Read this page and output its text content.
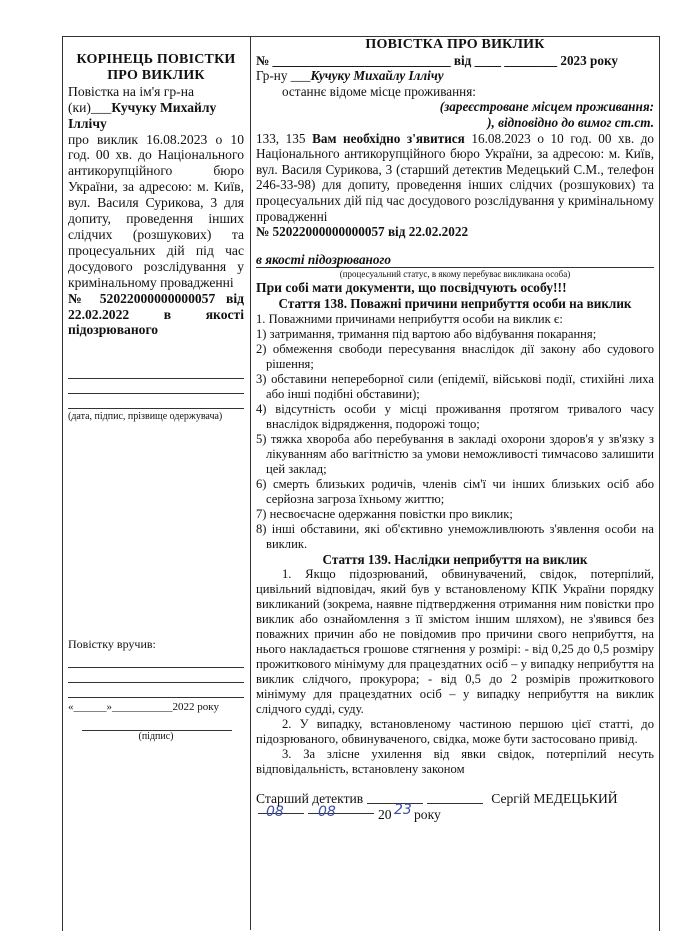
КОРІНЕЦЬ ПОВІСТКИ ПРО ВИКЛИК
Повістка на ім'я гр-на
(ки)___Кучуку Михайлу
Іллічу
про виклик 16.08.2023 о 10 год. 00 хв. до Національного антикорупційного бюро України, за адресою: м. Київ, вул. Василя Сурикова, 3 для допиту, проведення інших слідчих (розшукових) та процесуальних дій під час досудового розслідування у кримінальному провадженні
№ 52022000000000057 від 22.02.2022 в якості підозрюваного
(дата, підпис, прізвище одержувача)
Повістку вручив:
«______»___________2022 року
(підпис)
ПОВІСТКА ПРО ВИКЛИК
№ ___________________________ від ____ ________ 2023 року
Гр-ну ___Кучуку Михайлу Іллічу
останнє відоме місце проживання:
(зареєстроване місцем проживання:
), відповідно до вимог ст.ст.
133, 135 Вам необхідно з'явитися 16.08.2023 о 10 год. 00 хв. до Національного антикорупційного бюро України, за адресою: м. Київ, вул. Василя Сурикова, 3 (старший детектив Медецький С.М., телефон 246-33-98) для допиту, проведення інших слідчих (розшукових) та процесуальних дій під час досудового розслідування у кримінальному провадженні
№ 52022000000000057 від 22.02.2022
в якості підозрюваного
(процесуальний статус, в якому перебуває викликана особа)
При собі мати документи, що посвідчують особу!!!
Стаття 138. Поважні причини неприбуття особи на виклик
1. Поважними причинами неприбуття особи на виклик є:
1) затримання, тримання під вартою або відбування покарання;
2) обмеження свободи пересування внаслідок дії закону або судового рішення;
3) обставини непереборної сили (епідемії, військові події, стихійні лиха або інші подібні обставини);
4) відсутність особи у місці проживання протягом тривалого часу внаслідок відрядження, подорожі тощо;
5) тяжка хвороба або перебування в закладі охорони здоров'я у зв'язку з лікуванням або вагітністю за умови неможливості тимчасово залишити цей заклад;
6) смерть близьких родичів, членів сім'ї чи інших близьких осіб або серйозна загроза їхньому життю;
7) несвоєчасне одержання повістки про виклик;
8) інші обставини, які об'єктивно унеможливлюють з'явлення особи на виклик.
Стаття 139. Наслідки неприбуття на виклик
1. Якщо підозрюваний, обвинувачений, свідок, потерпілий, цивільний відповідач, який був у встановленому КПК України порядку викликаний (зокрема, наявне підтвердження отримання ним повістки про виклик або ознайомлення з її змістом іншим шляхом), не з'явився без поважних причин або не повідомив про причини свого неприбуття, на нього накладається грошове стягнення у розмірі: - від 0,25 до 0,5 розміру прожиткового мінімуму для працездатних осіб – у випадку неприбуття на виклик слідчого, прокурора; - від 0,5 до 2 розмірів прожиткового мінімуму для працездатних осіб – у випадку неприбуття на виклик слідчого судді, суду.
2. У випадку, встановленому частиною першою цієї статті, до підозрюваного, обвинуваченого, свідка, може бути застосовано привід.
3. За злісне ухилення від явки свідок, потерпілий несуть відповідальність, встановлену законом
Старший детектив	Сергій МЕДЕЦЬКИЙ
08 08	20 23 року
